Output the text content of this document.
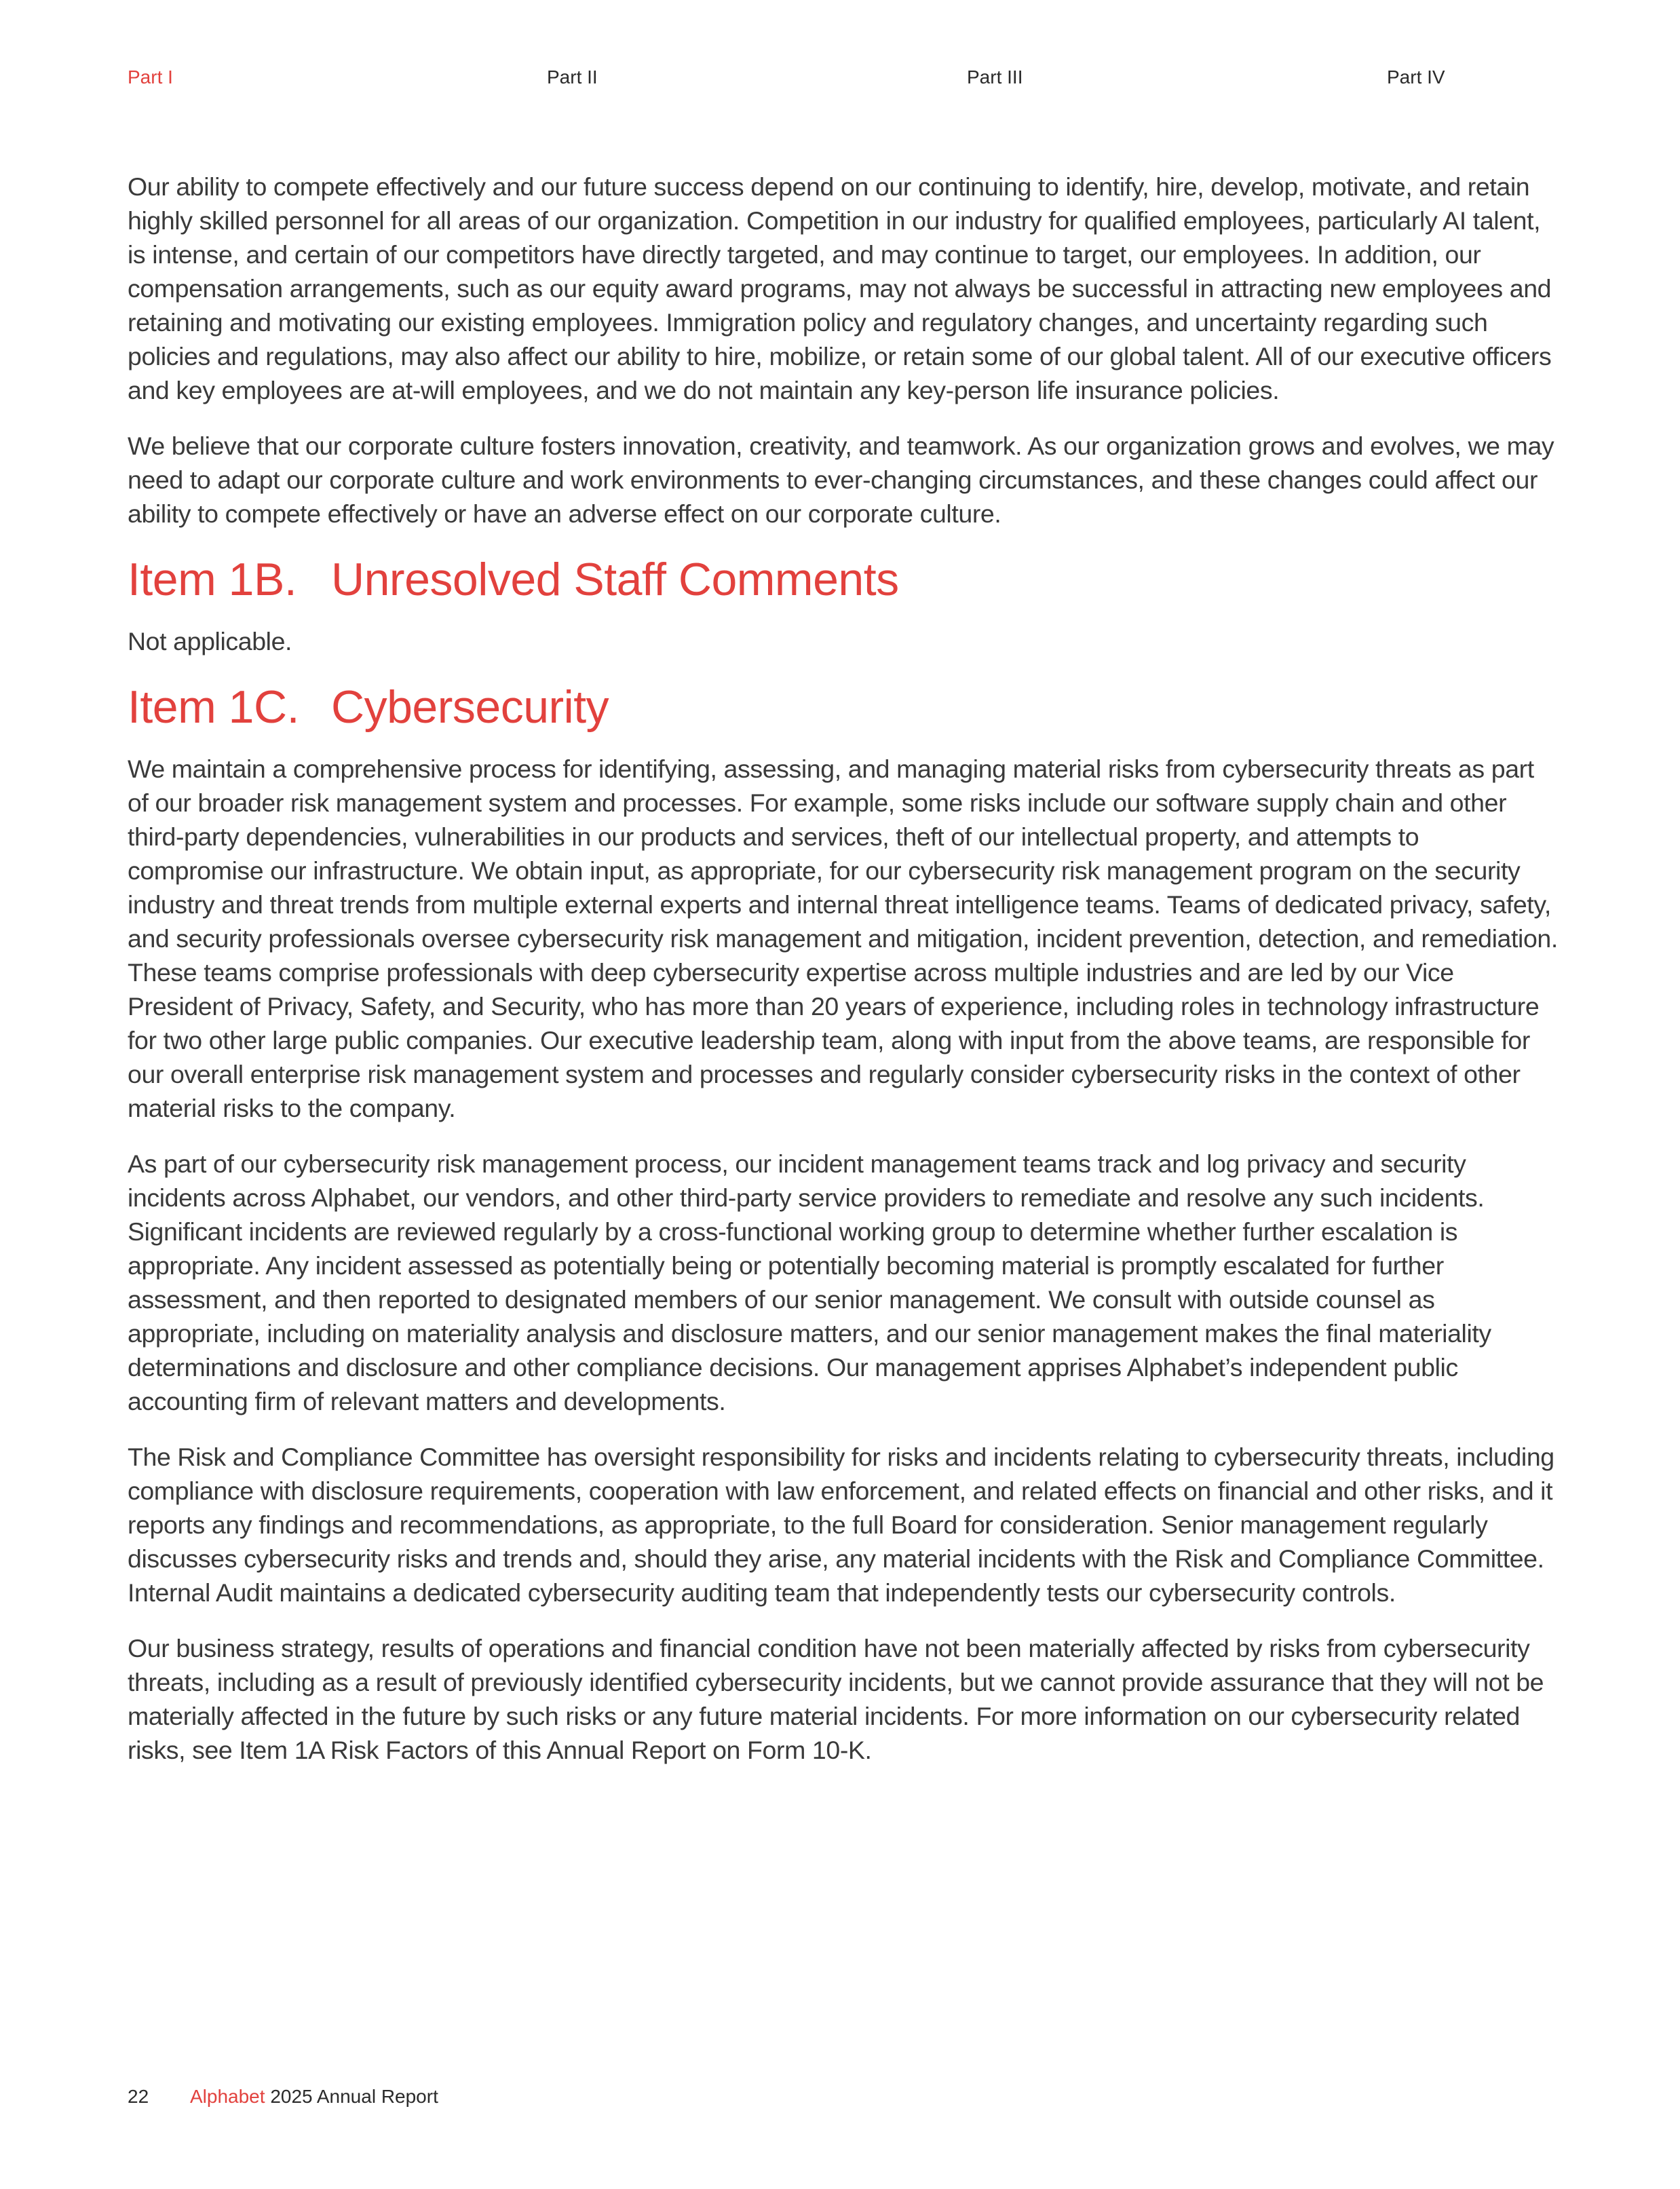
Part I	Part II	Part III	Part IV

Our ability to compete effectively and our future success depend on our continuing to identify, hire, develop, motivate, and retain highly skilled personnel for all areas of our organization. Competition in our industry for qualified employees, particularly AI talent, is intense, and certain of our competitors have directly targeted, and may continue to target, our employees. In addition, our compensation arrangements, such as our equity award programs, may not always be successful in attracting new employees and retaining and motivating our existing employees. Immigration policy and regulatory changes, and uncertainty regarding such policies and regulations, may also affect our ability to hire, mobilize, or retain some of our global talent. All of our executive officers and key employees are at-will employees, and we do not maintain any key-person life insurance policies.

We believe that our corporate culture fosters innovation, creativity, and teamwork. As our organization grows and evolves, we may need to adapt our corporate culture and work environments to ever-changing circumstances, and these changes could affect our ability to compete effectively or have an adverse effect on our corporate culture.

Item 1B. Unresolved Staff Comments

Not applicable.

Item 1C. Cybersecurity

We maintain a comprehensive process for identifying, assessing, and managing material risks from cybersecurity threats as part of our broader risk management system and processes. For example, some risks include our software supply chain and other third-party dependencies, vulnerabilities in our products and services, theft of our intellectual property, and attempts to compromise our infrastructure. We obtain input, as appropriate, for our cybersecurity risk management program on the security industry and threat trends from multiple external experts and internal threat intelligence teams. Teams of dedicated privacy, safety, and security professionals oversee cybersecurity risk management and mitigation, incident prevention, detection, and remediation. These teams comprise professionals with deep cybersecurity expertise across multiple industries and are led by our Vice President of Privacy, Safety, and Security, who has more than 20 years of experience, including roles in technology infrastructure for two other large public companies. Our executive leadership team, along with input from the above teams, are responsible for our overall enterprise risk management system and processes and regularly consider cybersecurity risks in the context of other material risks to the company.

As part of our cybersecurity risk management process, our incident management teams track and log privacy and security incidents across Alphabet, our vendors, and other third-party service providers to remediate and resolve any such incidents. Significant incidents are reviewed regularly by a cross-functional working group to determine whether further escalation is appropriate. Any incident assessed as potentially being or potentially becoming material is promptly escalated for further assessment, and then reported to designated members of our senior management. We consult with outside counsel as appropriate, including on materiality analysis and disclosure matters, and our senior management makes the final materiality determinations and disclosure and other compliance decisions. Our management apprises Alphabet’s independent public accounting firm of relevant matters and developments.

The Risk and Compliance Committee has oversight responsibility for risks and incidents relating to cybersecurity threats, including compliance with disclosure requirements, cooperation with law enforcement, and related effects on financial and other risks, and it reports any findings and recommendations, as appropriate, to the full Board for consideration. Senior management regularly discusses cybersecurity risks and trends and, should they arise, any material incidents with the Risk and Compliance Committee. Internal Audit maintains a dedicated cybersecurity auditing team that independently tests our cybersecurity controls.

Our business strategy, results of operations and financial condition have not been materially affected by risks from cybersecurity threats, including as a result of previously identified cybersecurity incidents, but we cannot provide assurance that they will not be materially affected in the future by such risks or any future material incidents. For more information on our cybersecurity related risks, see Item 1A Risk Factors of this Annual Report on Form 10-K.

22 Alphabet 2025 Annual Report
